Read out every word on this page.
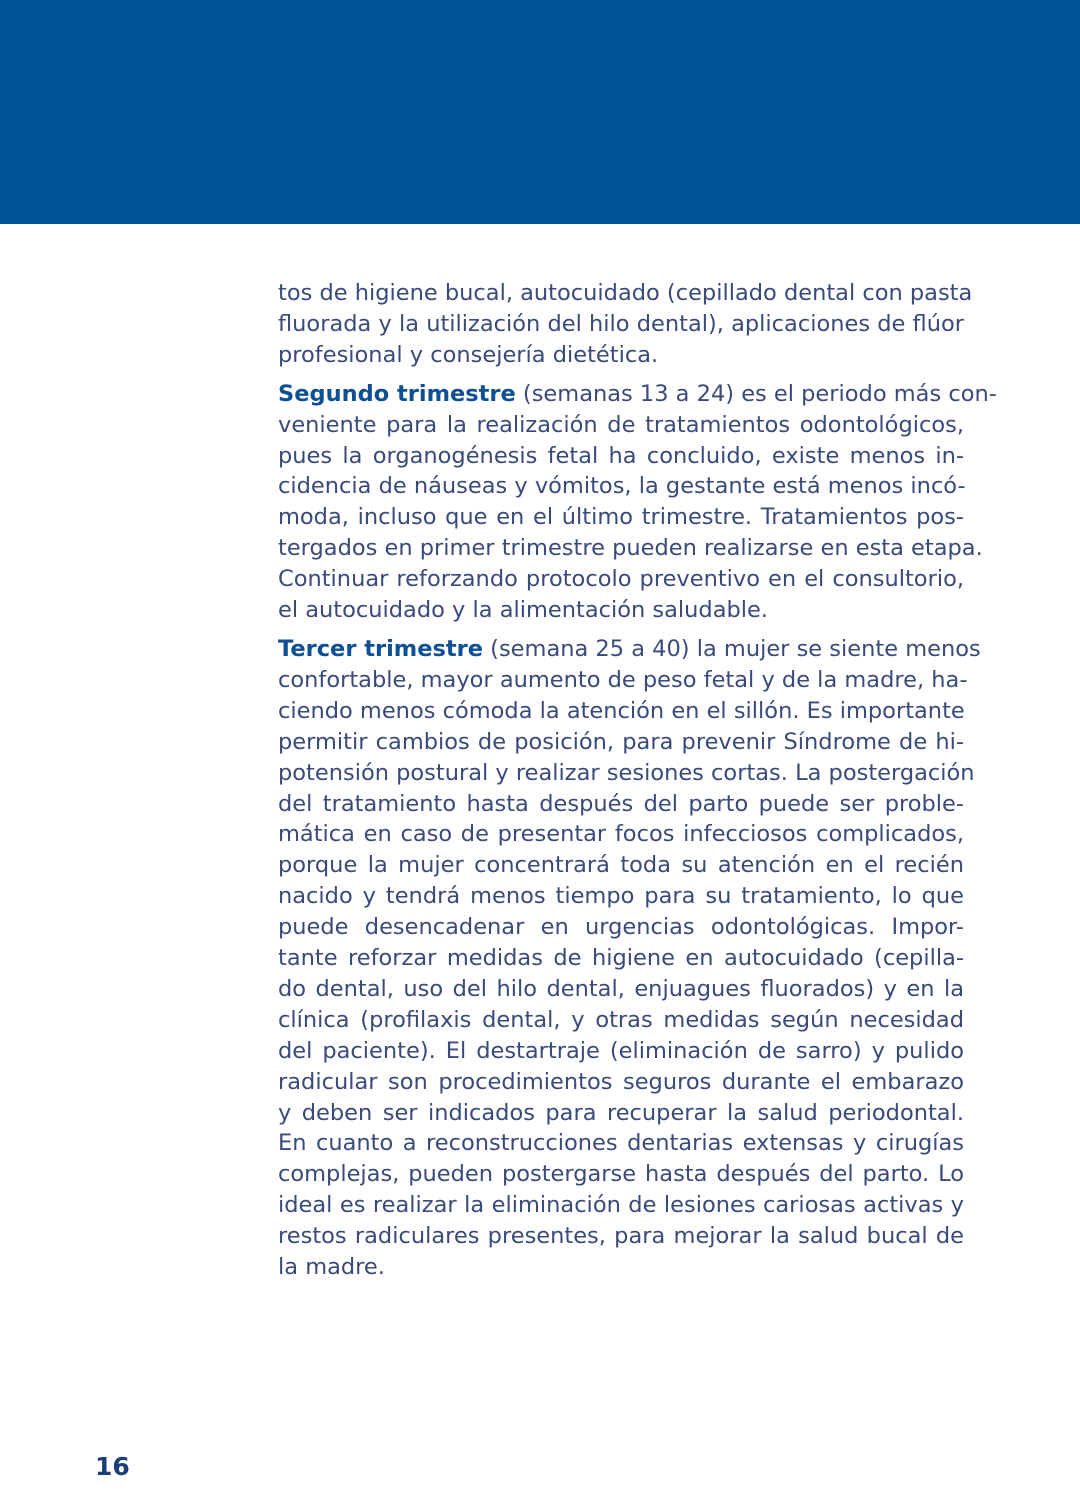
tos de higiene bucal, autocuidado (cepillado dental con pasta
fluorada y la utilización del hilo dental), aplicaciones de flúor
profesional y consejería dietética.

Segundo trimestre (semanas 13 a 24) es el periodo más con-
veniente para la realización de tratamientos odontológicos,
pues la organogénesis fetal ha concluido, existe menos in-
cidencia de náuseas y vómitos, la gestante está menos incó-
moda, incluso que en el último trimestre. Tratamientos pos-
tergados en primer trimestre pueden realizarse en esta etapa.
Continuar reforzando protocolo preventivo en el consultorio,
el autocuidado y la alimentación saludable.

Tercer trimestre (semana 25 a 40) la mujer se siente menos
confortable, mayor aumento de peso fetal y de la madre, ha-
ciendo menos cómoda la atención en el sillón. Es importante
permitir cambios de posición, para prevenir Síndrome de hi-
potensión postural y realizar sesiones cortas. La postergación
del tratamiento hasta después del parto puede ser proble-
mática en caso de presentar focos infecciosos complicados,
porque la mujer concentrará toda su atención en el recién
nacido y tendrá menos tiempo para su tratamiento, lo que
puede desencadenar en urgencias odontológicas. Impor-
tante reforzar medidas de higiene en autocuidado (cepilla-
do dental, uso del hilo dental, enjuagues fluorados) y en la
clínica (profilaxis dental, y otras medidas según necesidad
del paciente). El destartraje (eliminación de sarro) y pulido
radicular son procedimientos seguros durante el embarazo
y deben ser indicados para recuperar la salud periodontal.
En cuanto a reconstrucciones dentarias extensas y cirugías
complejas, pueden postergarse hasta después del parto. Lo
ideal es realizar la eliminación de lesiones cariosas activas y
restos radiculares presentes, para mejorar la salud bucal de
la madre.

16
